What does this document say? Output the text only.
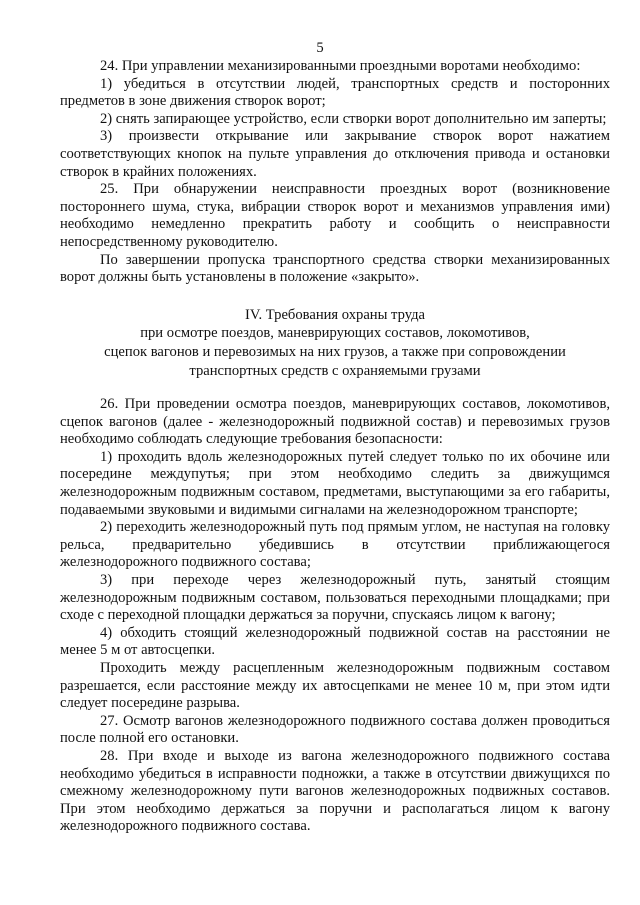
5

24. При управлении механизированными проездными воротами необходимо:

1) убедиться в отсутствии людей, транспортных средств и посторонних предметов в зоне движения створок ворот;

2) снять запирающее устройство, если створки ворот дополнительно им заперты;

3) произвести открывание или закрывание створок ворот нажатием соответствующих кнопок на пульте управления до отключения привода и остановки створок в крайних положениях.

25. При обнаружении неисправности проездных ворот (возникновение постороннего шума, стука, вибрации створок ворот и механизмов управления ими) необходимо немедленно прекратить работу и сообщить о неисправности непосредственному руководителю.

По завершении пропуска транспортного средства створки механизированных ворот должны быть установлены в положение «закрыто».

IV. Требования охраны труда
при осмотре поездов, маневрирующих составов, локомотивов,
сцепок вагонов и перевозимых на них грузов, а также при сопровождении
транспортных средств с охраняемыми грузами

26. При проведении осмотра поездов, маневрирующих составов, локомотивов, сцепок вагонов (далее - железнодорожный подвижной состав) и перевозимых грузов необходимо соблюдать следующие требования безопасности:

1) проходить вдоль железнодорожных путей следует только по их обочине или посередине междупутья; при этом необходимо следить за движущимся железнодорожным подвижным составом, предметами, выступающими за его габариты, подаваемыми звуковыми и видимыми сигналами на железнодорожном транспорте;

2) переходить железнодорожный путь под прямым углом, не наступая на головку рельса, предварительно убедившись в отсутствии приближающегося железнодорожного подвижного состава;

3) при переходе через железнодорожный путь, занятый стоящим железнодорожным подвижным составом, пользоваться переходными площадками; при сходе с переходной площадки держаться за поручни, спускаясь лицом к вагону;

4) обходить стоящий железнодорожный подвижной состав на расстоянии не менее 5 м от автосцепки.

Проходить между расцепленным железнодорожным подвижным составом разрешается, если расстояние между их автосцепками не менее 10 м, при этом идти следует посередине разрыва.

27. Осмотр вагонов железнодорожного подвижного состава должен проводиться после полной его остановки.

28. При входе и выходе из вагона железнодорожного подвижного состава необходимо убедиться в исправности подножки, а также в отсутствии движущихся по смежному железнодорожному пути вагонов железнодорожных подвижных составов. При этом необходимо держаться за поручни и располагаться лицом к вагону железнодорожного подвижного состава.
